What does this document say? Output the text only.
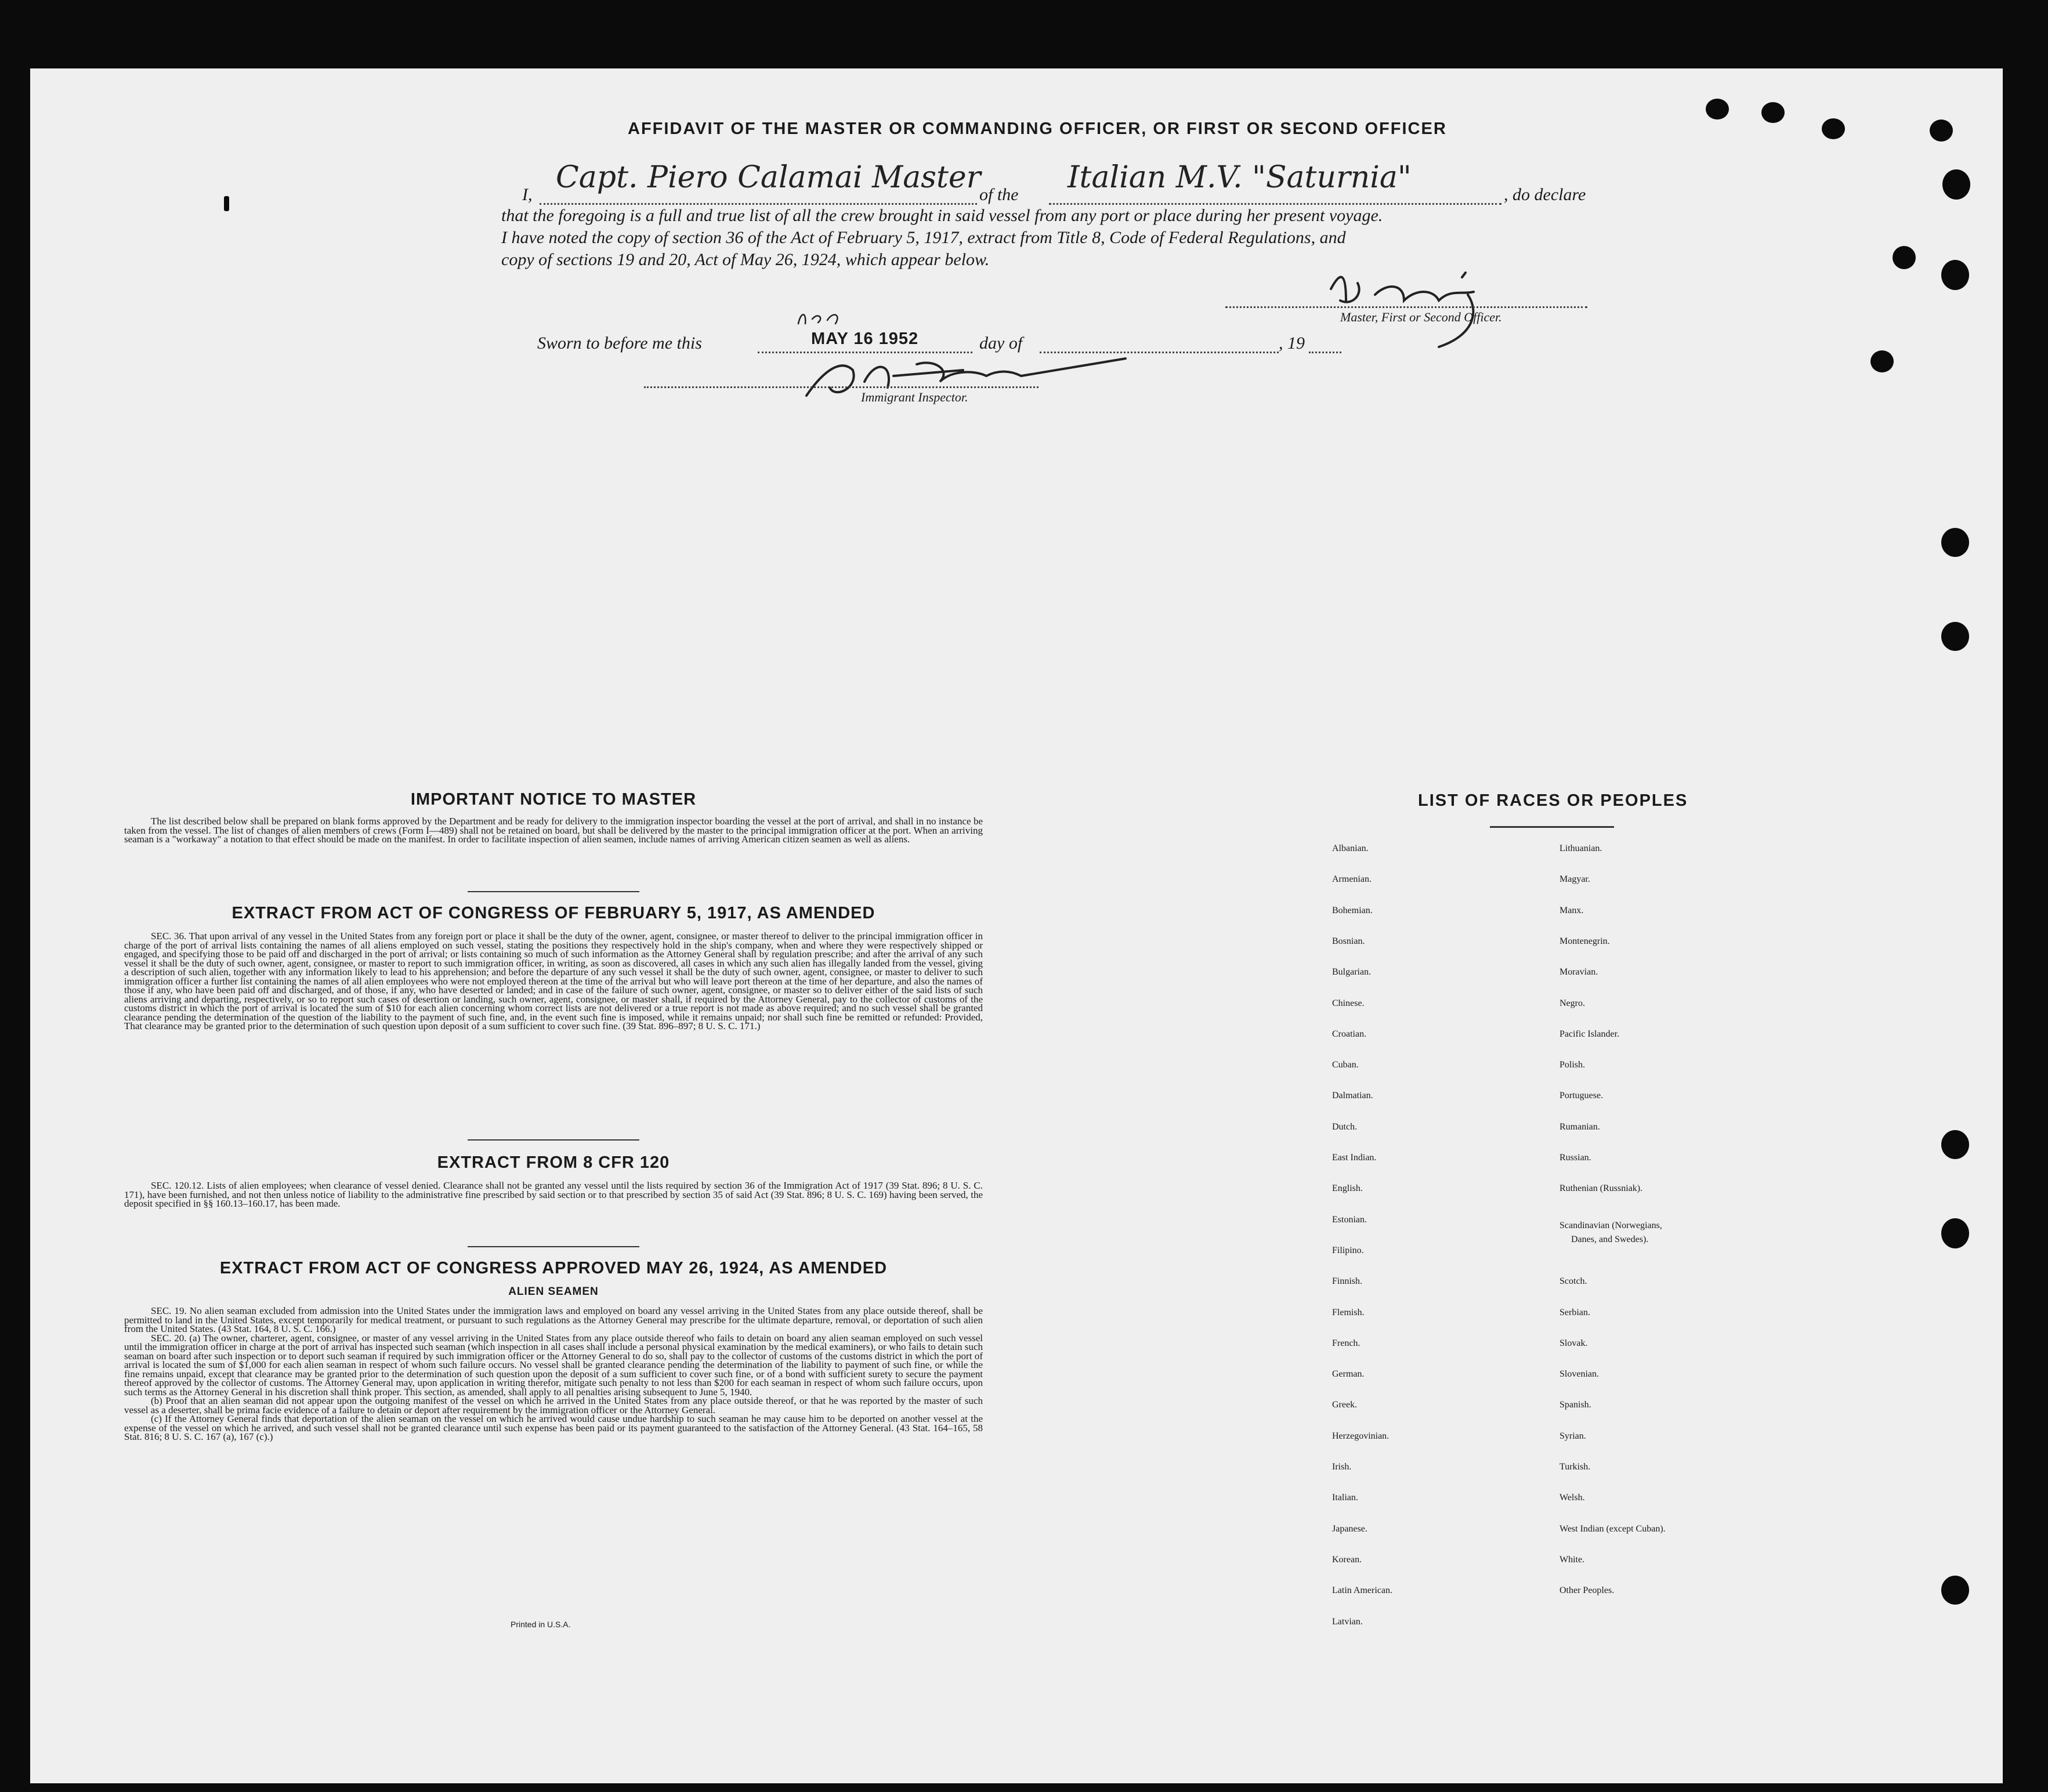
AFFIDAVIT OF THE MASTER OR COMMANDING OFFICER, OR FIRST OR SECOND OFFICER
I, Capt. Piero Calamai Master
of the Italian M.V. "Saturnia"	, do declare
that the foregoing is a full and true list of all the crew brought in said vessel from any port or place during her present voyage.
I have noted the copy of section 36 of the Act of February 5, 1917, extract from Title 8, Code of Federal Regulations, and
copy of sections 19 and 20, Act of May 26, 1924, which appear below.
Master, First or Second Officer.
Sworn to before me this	MAY 16 1952	day of	, 19
Immigrant Inspector.
IMPORTANT NOTICE TO MASTER

The list described below shall be prepared on blank forms approved by the Department and be ready for delivery to the immigration inspector boarding the vessel at the port of arrival, and shall in no instance be taken from the vessel. The list of changes of alien members of crews (Form I—489) shall not be retained on board, but shall be delivered by the master to the principal immigration officer at the port. When an arriving seaman is a "workaway" a notation to that effect should be made on the manifest. In order to facilitate inspection of alien seamen, include names of arriving American citizen seamen as well as aliens.

EXTRACT FROM ACT OF CONGRESS OF FEBRUARY 5, 1917, AS AMENDED

SEC. 36. That upon arrival of any vessel in the United States from any foreign port or place it shall be the duty of the owner, agent, consignee, or master thereof to deliver to the principal immigration officer in charge of the port of arrival lists containing the names of all aliens employed on such vessel, stating the positions they respectively hold in the ship's company, when and where they were respectively shipped or engaged, and specifying those to be paid off and discharged in the port of arrival; or lists containing so much of such information as the Attorney General shall by regulation prescribe; and after the arrival of any such vessel it shall be the duty of such owner, agent, consignee, or master to report to such immigration officer, in writing, as soon as discovered, all cases in which any such alien has illegally landed from the vessel, giving a description of such alien, together with any information likely to lead to his apprehension; and before the departure of any such vessel it shall be the duty of such owner, agent, consignee, or master to deliver to such immigration officer a further list containing the names of all alien employees who were not employed thereon at the time of the arrival but who will leave port thereon at the time of her departure, and also the names of those if any, who have been paid off and discharged, and of those, if any, who have deserted or landed; and in case of the failure of such owner, agent, consignee, or master so to deliver either of the said lists of such aliens arriving and departing, respectively, or so to report such cases of desertion or landing, such owner, agent, consignee, or master shall, if required by the Attorney General, pay to the collector of customs of the customs district in which the port of arrival is located the sum of $10 for each alien concerning whom correct lists are not delivered or a true report is not made as above required; and no such vessel shall be granted clearance pending the determination of the question of the liability to the payment of such fine, and, in the event such fine is imposed, while it remains unpaid; nor shall such fine be remitted or refunded: Provided, That clearance may be granted prior to the determination of such question upon deposit of a sum sufficient to cover such fine. (39 Stat. 896–897; 8 U. S. C. 171.)

EXTRACT FROM 8 CFR 120

SEC. 120.12. Lists of alien employees; when clearance of vessel denied. Clearance shall not be granted any vessel until the lists required by section 36 of the Immigration Act of 1917 (39 Stat. 896; 8 U. S. C. 171), have been furnished, and not then unless notice of liability to the administrative fine prescribed by said section or to that prescribed by section 35 of said Act (39 Stat. 896; 8 U. S. C. 169) having been served, the deposit specified in §§ 160.13–160.17, has been made.

EXTRACT FROM ACT OF CONGRESS APPROVED MAY 26, 1924, AS AMENDED
ALIEN SEAMEN

SEC. 19. No alien seaman excluded from admission into the United States under the immigration laws and employed on board any vessel arriving in the United States from any place outside thereof, shall be permitted to land in the United States, except temporarily for medical treatment, or pursuant to such regulations as the Attorney General may prescribe for the ultimate departure, removal, or deportation of such alien from the United States. (43 Stat. 164, 8 U. S. C. 166.)

SEC. 20. (a) The owner, charterer, agent, consignee, or master of any vessel arriving in the United States from any place outside thereof who fails to detain on board any alien seaman employed on such vessel until the immigration officer in charge at the port of arrival has inspected such seaman (which inspection in all cases shall include a personal physical examination by the medical examiners), or who fails to detain such seaman on board after such inspection or to deport such seaman if required by such immigration officer or the Attorney General to do so, shall pay to the collector of customs of the customs district in which the port of arrival is located the sum of $1,000 for each alien seaman in respect of whom such failure occurs. No vessel shall be granted clearance pending the determination of the liability to payment of such fine, or while the fine remains unpaid, except that clearance may be granted prior to the determination of such question upon the deposit of a sum sufficient to cover such fine, or of a bond with sufficient surety to secure the payment thereof approved by the collector of customs. The Attorney General may, upon application in writing therefor, mitigate such penalty to not less than $200 for each seaman in respect of whom such failure occurs, upon such terms as the Attorney General in his discretion shall think proper. This section, as amended, shall apply to all penalties arising subsequent to June 5, 1940.

(b) Proof that an alien seaman did not appear upon the outgoing manifest of the vessel on which he arrived in the United States from any place outside thereof, or that he was reported by the master of such vessel as a deserter, shall be prima facie evidence of a failure to detain or deport after requirement by the immigration officer or the Attorney General.

(c) If the Attorney General finds that deportation of the alien seaman on the vessel on which he arrived would cause undue hardship to such seaman he may cause him to be deported on another vessel at the expense of the vessel on which he arrived, and such vessel shall not be granted clearance until such expense has been paid or its payment guaranteed to the satisfaction of the Attorney General. (43 Stat. 164–165, 58 Stat. 816; 8 U. S. C. 167 (a), 167 (c).)

Printed in U.S.A.
LIST OF RACES OR PEOPLES
Albanian.
Armenian.
Bohemian.
Bosnian.
Bulgarian.
Chinese.
Croatian.
Cuban.
Dalmatian.
Dutch.
East Indian.
English.
Estonian.
Filipino.
Finnish.
Flemish.
French.
German.
Greek.
Herzegovinian.
Irish.
Italian.
Japanese.
Korean.
Latin American.
Latvian.
Lithuanian.
Magyar.
Manx.
Montenegrin.
Moravian.
Negro.
Pacific Islander.
Polish.
Portuguese.
Rumanian.
Russian.
Ruthenian (Russniak).
Scandinavian (Norwegians,
Danes, and Swedes).
Scotch.
Serbian.
Slovak.
Slovenian.
Spanish.
Syrian.
Turkish.
Welsh.
West Indian (except Cuban).
White.
Other Peoples.
